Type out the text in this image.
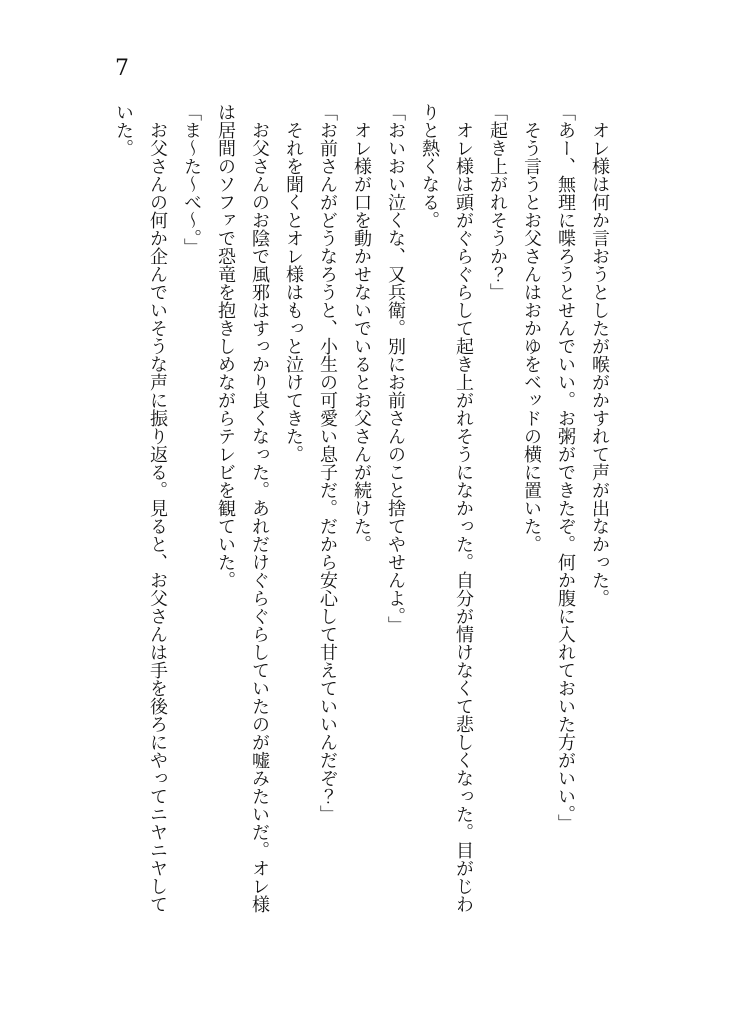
7

　オレ様は何か言おうとしたが喉がかすれて声が出なかった。

「あー、無理に喋ろうとせんでいい。お粥ができたぞ。何か腹に入れておいた方がいい。」

　そう言うとお父さんはおかゆをベッドの横に置いた。

「起き上がれそうか？」

　オレ様は頭がぐらぐらして起き上がれそうになかった。自分が情けなくて悲しくなった。目がじわりと熱くなる。

「おいおい泣くな、又兵衛。別にお前さんのこと捨てやせんよ。」

　オレ様が口を動かせないでいるとお父さんが続けた。

「お前さんがどうなろうと、小生の可愛い息子だ。だから安心して甘えていいんだぞ？」

　それを聞くとオレ様はもっと泣けてきた。

　お父さんのお陰で風邪はすっかり良くなった。あれだけぐらぐらしていたのが嘘みたいだ。オレ様は居間のソファで恐竜を抱きしめながらテレビを観ていた。

「ま〜た〜べ〜。」

　お父さんの何か企んでいそうな声に振り返る。見ると、お父さんは手を後ろにやってニヤニヤしていた。
